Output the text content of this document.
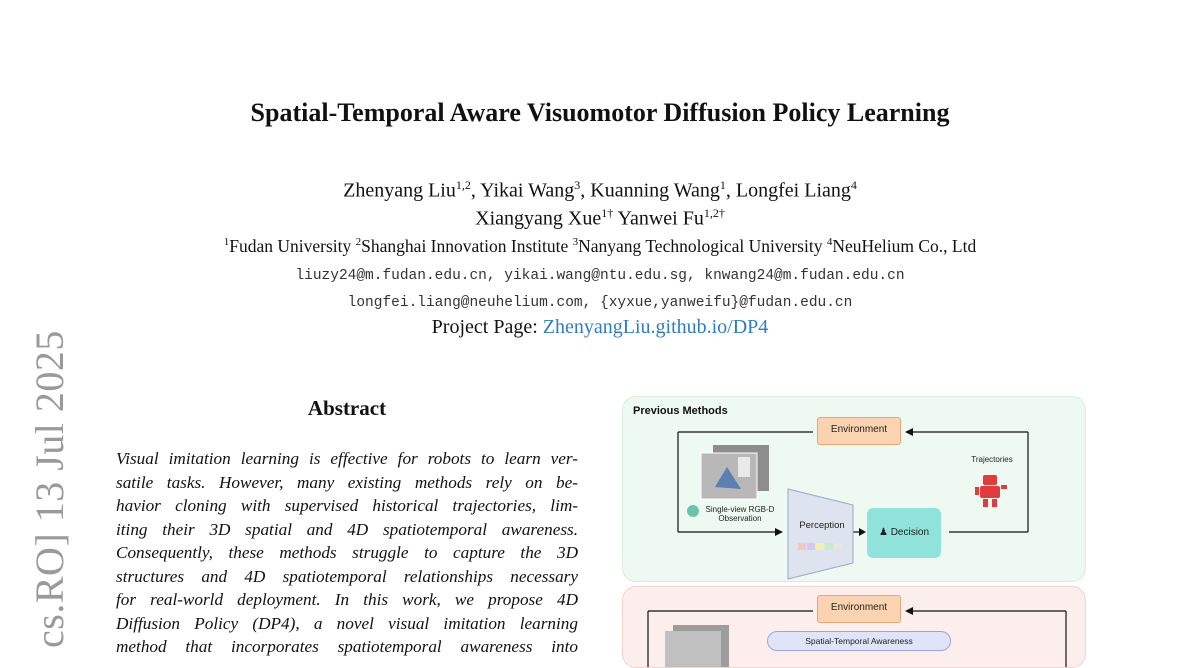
cs.RO] 13 Jul 2025
Spatial-Temporal Aware Visuomotor Diffusion Policy Learning
Zhenyang Liu$^{1,2}$, Yikai Wang$^3$, Kuanning Wang$^1$, Longfei Liang$^4$
Xiangyang Xue$^{1\dagger}$ Yanwei $Fu^{1,2\dagger}$
$^1$Fudan University $^2$Shanghai Innovation Institute $^3$Nanyang Technological University $^4$NeuHelium Co., Ltd
liuzy24@m.fudan.edu.cn, yikai.wang@ntu.edu.sg, knwang24@m.fudan.edu.cn
longfei.liang@neuhelium.com, {xyxue,yanweifu}@fudan.edu.cn
Project Page: ZhenyangLiu.github.io/DP4
Abstract
Visual imitation learning is effective for robots to learn ver-
satile tasks. However, many existing methods rely on be-
havior cloning with supervised historical trajectories, lim-
iting their 3D spatial and 4D spatiotemporal awareness.
Consequently, these methods struggle to capture the 3D
structures and 4D spatiotemporal relationships necessary
for real-world deployment. In this work, we propose 4D
Diffusion Policy (DP4), a novel visual imitation learning
method that incorporates spatiotemporal awareness into
Previous Methods
Environment
Trajectories
Single-view RGB-D Observation
Perception
♟ Decision
Environment
Spatial-Temporal Awareness
